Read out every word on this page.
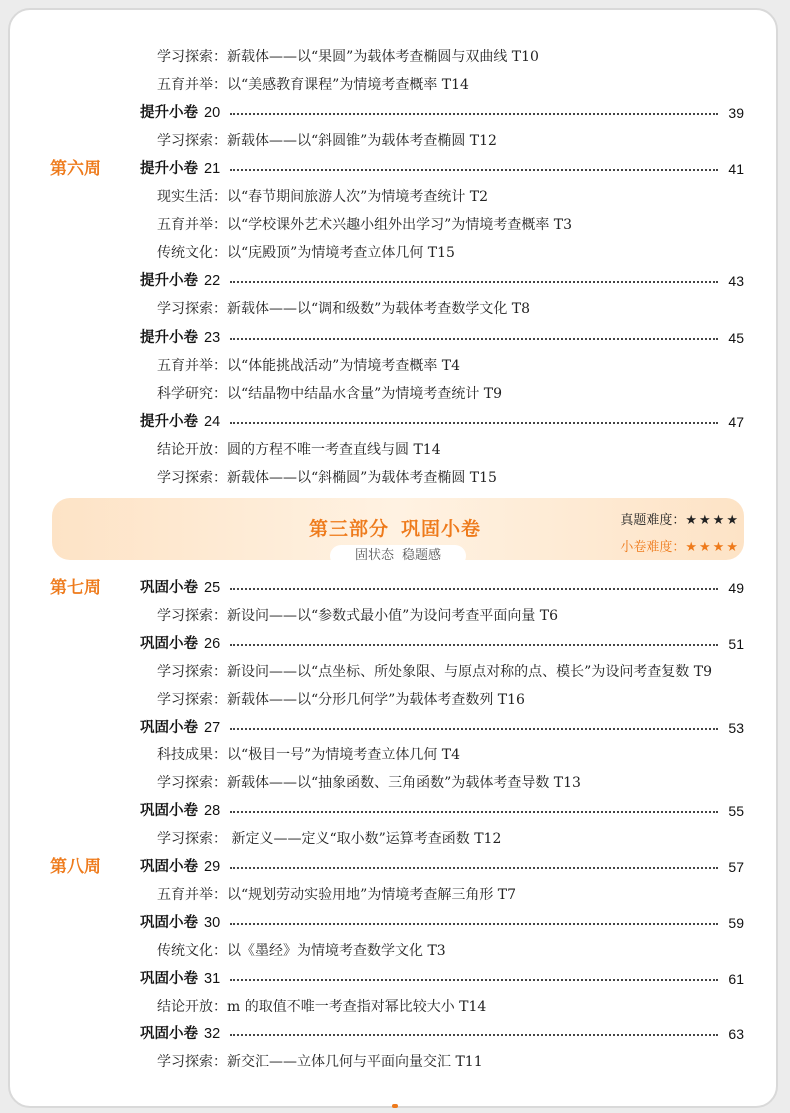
学习探索：新载体——以“果圆”为载体考查椭圆与双曲线 T10
五育并举：以“美感教育课程”为情境考查概率 T14
提升小卷 20	39
学习探索：新载体——以“斜圆锥”为载体考查椭圆 T12
第六周	提升小卷 21	41
现实生活：以“春节期间旅游人次”为情境考查统计 T2
五育并举：以“学校课外艺术兴趣小组外出学习”为情境考查概率 T3
传统文化：以“庑殿顶”为情境考查立体几何 T15
提升小卷 22	43
学习探索：新载体——以“调和级数”为载体考查数学文化 T8
提升小卷 23	45
五育并举：以“体能挑战活动”为情境考查概率 T4
科学研究：以“结晶物中结晶水含量”为情境考查统计 T9
提升小卷 24	47
结论开放：圆的方程不唯一考查直线与圆 T14
学习探索：新载体——以“斜椭圆”为载体考查椭圆 T15
第七周	巩固小卷 25	49
学习探索：新设问——以“参数式最小值”为设问考查平面向量 T6
巩固小卷 26	51
学习探索：新设问——以“点坐标、所处象限、与原点对称的点、模长”为设问考查复数 T9
学习探索：新载体——以“分形几何学”为载体考查数列 T16
巩固小卷 27	53
科技成果：以“极目一号”为情境考查立体几何 T4
学习探索：新载体——以“抽象函数、三角函数”为载体考查导数 T13
巩固小卷 28	55
学习探索： 新定义——定义“取小数”运算考查函数 T12
第八周	巩固小卷 29	57
五育并举：以“规划劳动实验用地”为情境考查解三角形 T7
巩固小卷 30	59
传统文化：以《墨经》为情境考查数学文化 T3
巩固小卷 31	61
结论开放：m 的取值不唯一考查指对幂比较大小 T14
巩固小卷 32	63
学习探索：新交汇——立体几何与平面向量交汇 T11
第三部分 巩固小卷
固状态 稳题感
真题难度：★★★★
小卷难度：★★★★
